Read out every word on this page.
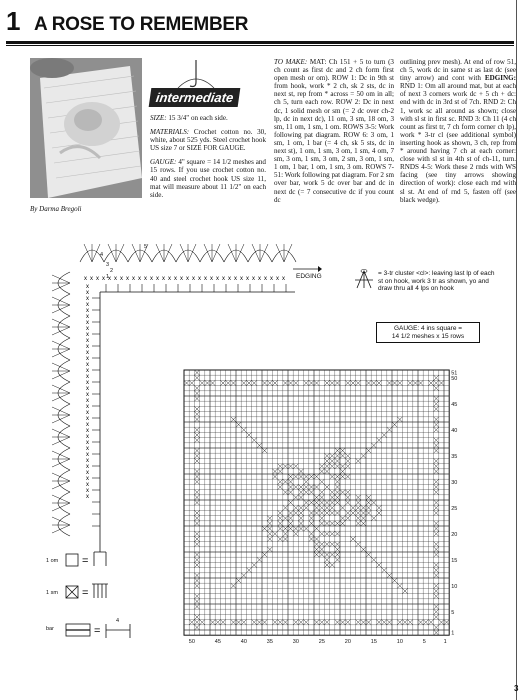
1 A ROSE TO REMEMBER
By Darma Bregoli
intermediate

SIZE: 15 3/4" on each side.

MATERIALS: Crochet cotton no. 30, white, about 525 yds. Steel crochet hook US size 7 or SIZE FOR GAUGE.

GAUGE: 4" square = 14 1/2 meshes and 15 rows. If you use crochet cotton no. 40 and steel crochet hook US size 11, mat will measure about 11 1/2" on each side.

TO MAKE: MAT: Ch 151 + 5 to turn (3 ch count as first dc and 2 ch form first open mesh or om). ROW 1: Dc in 9th st from hook, work * 2 ch, sk 2 sts, dc in next st, rep from * across = 50 om in all; ch 5, turn each row. ROW 2: Dc in next dc, 1 solid mesh or sm (= 2 dc over ch-2 lp, dc in next dc), 11 om, 3 sm, 18 om, 3 sm, 11 om, 1 sm, 1 om. ROWS 3-5: Work following pat diagram. ROW 6: 3 om, 1 sm, 1 om, 1 bar (= 4 ch, sk 5 sts, dc in next st), 1 om, 1 sm, 3 om, 1 sm, 4 om, 7 sm, 3 om, 1 sm, 3 om, 2 sm, 3 om, 1 sm, 1 om, 1 bar, 1 om, 1 sm, 3 om. ROWS 7-51: Work following pat diagram. For 2 sm over bar, work 5 dc over bar and dc in next dc (= 7 consecutive dc if you count dc

outlining prev mesh). At end of row 51, ch 5, work dc in same st as last dc (see tiny arrow) and cont with EDGING: RND 1: Om all around mat, but at each of next 3 corners work dc + 5 ch + dc: end with dc in 3rd st of 7ch. RND 2: Ch 1, work sc all around as shown; close with sl st in first sc. RND 3: Ch 11 (4 ch count as first tr, 7 ch form corner ch lp), work * 3-tr cl (see additional symbol) inserting hook as shown, 3 ch, rep from * around having 7 ch at each corner: close with sl st in 4th st of ch-11, turn. RNDS 4-5: Work these 2 rnds with WS facing (see tiny arrows showing direction of work): close each rnd with sl st. At end of rnd 5, fasten off (see black wedge).

= 3-tr cluster <cl>: leaving last lp of each st on hook, work 3 tr as shown, yo and draw thru all 4 lps on hook
EDGING
GAUGE: 4 ins square =
14 1/2 meshes x 15 rows
x
x
x
x
x
x
x
x
x
x
x
x
x
x
x
x
x
x
x
x
x
x
x
x
x
x
x
x
x
x
x
x
x
x
x
x
x
x
x
x
x
x
x
x
x
x
x
x
x
x
x
x
x
x
x
x
x
x
x
x
x
x
x
x
x
x
x
x
x
x	1
2
3
4
5
50	45	40	35	30	25	20	15	10	5	1
51
50
45
40
35
30
25
20
15
10
5
1
1 om =
1 sm =
bar	=
4
3
